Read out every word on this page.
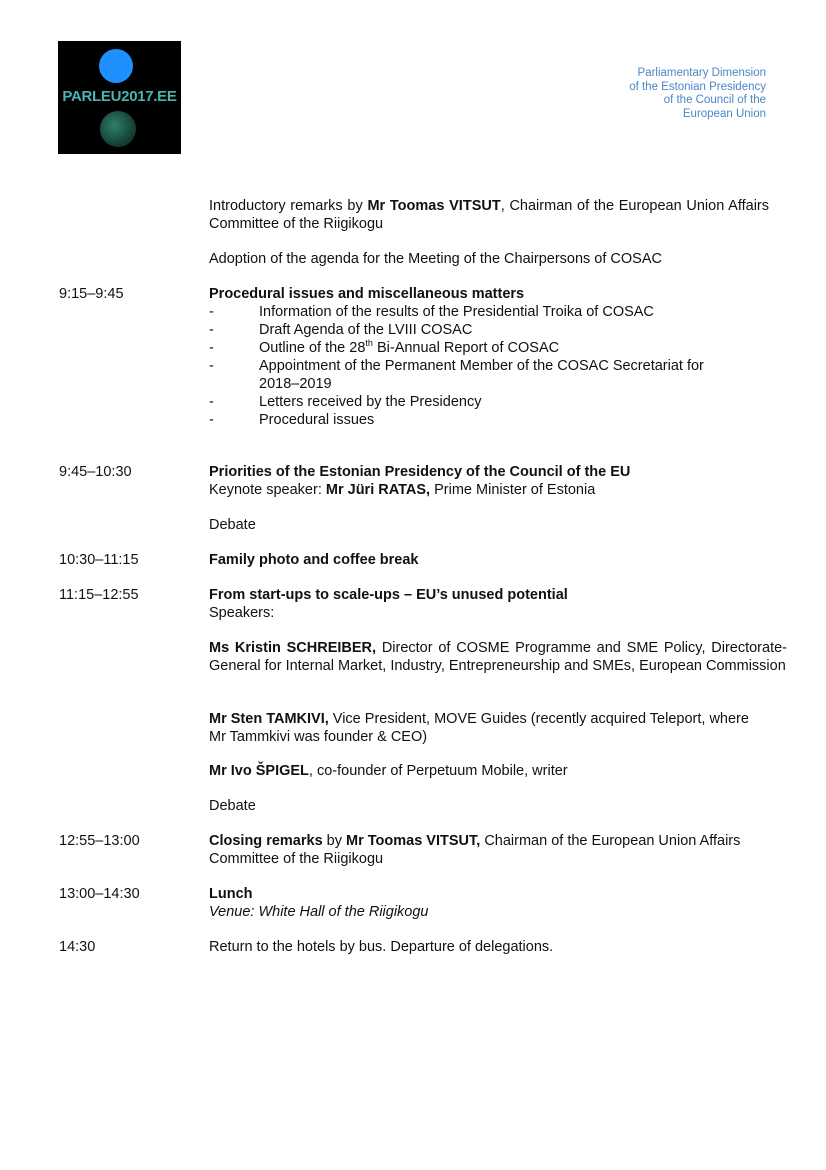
PARLEU2017.EE
Parliamentary Dimension
of the Estonian Presidency
of the Council of the
European Union
Introductory remarks by Mr Toomas VITSUT, Chairman of the European Union Affairs Committee of the Riigikogu
Adoption of the agenda for the Meeting of the Chairpersons of COSAC
9:15–9:45	Procedural issues and miscellaneous matters
- Information of the results of the Presidential Troika of COSAC
- Draft Agenda of the LVIII COSAC
- Outline of the 28th Bi-Annual Report of COSAC
- Appointment of the Permanent Member of the COSAC Secretariat for 2018–2019
- Letters received by the Presidency
- Procedural issues
9:45–10:30	Priorities of the Estonian Presidency of the Council of the EU
Keynote speaker: Mr Jüri RATAS, Prime Minister of Estonia
Debate
10:30–11:15	Family photo and coffee break
11:15–12:55	From start-ups to scale-ups – EU’s unused potential
Speakers:
Ms Kristin SCHREIBER, Director of COSME Programme and SME Policy, Directorate-General for Internal Market, Industry, Entrepreneurship and SMEs, European Commission
Mr Sten TAMKIVI, Vice President, MOVE Guides (recently acquired Teleport, where Mr Tammkivi was founder & CEO)
Mr Ivo ŠPIGEL, co-founder of Perpetuum Mobile, writer
Debate
12:55–13:00	Closing remarks by Mr Toomas VITSUT, Chairman of the European Union Affairs Committee of the Riigikogu
13:00–14:30	Lunch
Venue: White Hall of the Riigikogu
14:30	Return to the hotels by bus. Departure of delegations.
